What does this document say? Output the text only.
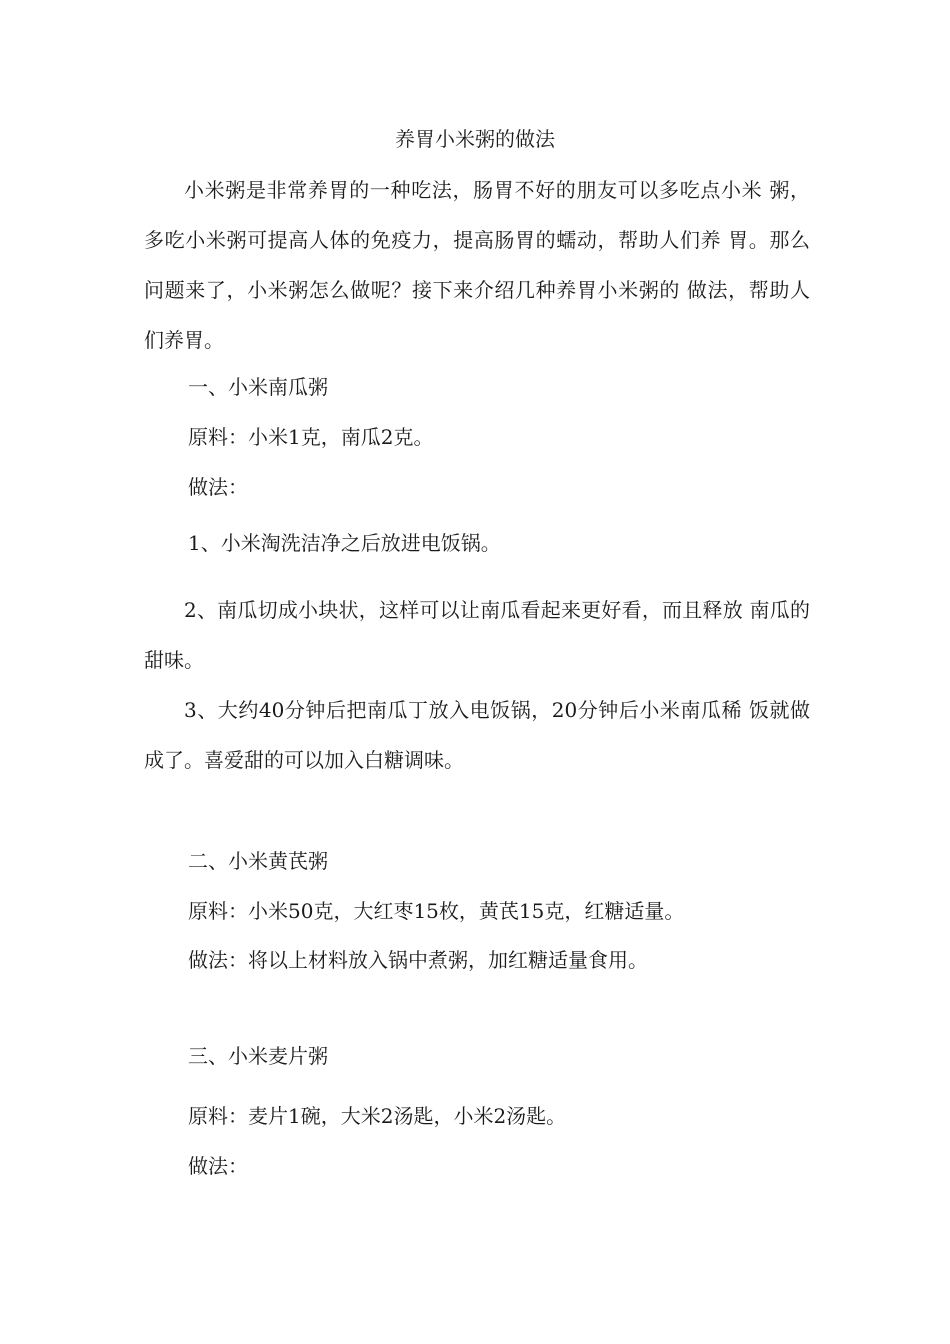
养胃小米粥的做法

小米粥是非常养胃的一种吃法，肠胃不好的朋友可以多吃点小米 粥，多吃小米粥可提高人体的免疫力，提高肠胃的蠕动，帮助人们养 胃。那么问题来了，小米粥怎么做呢？接下来介绍几种养胃小米粥的 做法，帮助人们养胃。

一、小米南瓜粥
原料：小米1克，南瓜2克。
做法：
1、小米淘洗洁净之后放进电饭锅。

2、南瓜切成小块状，这样可以让南瓜看起来更好看，而且释放 南瓜的甜味。

3、大约40分钟后把南瓜丁放入电饭锅，20分钟后小米南瓜稀 饭就做成了。喜爱甜的可以加入白糖调味。

二、小米黄芪粥
原料：小米50克，大红枣15枚，黄芪15克，红糖适量。
做法：将以上材料放入锅中煮粥，加红糖适量食用。
三、小米麦片粥
原料：麦片1碗，大米2汤匙，小米2汤匙。
做法：
